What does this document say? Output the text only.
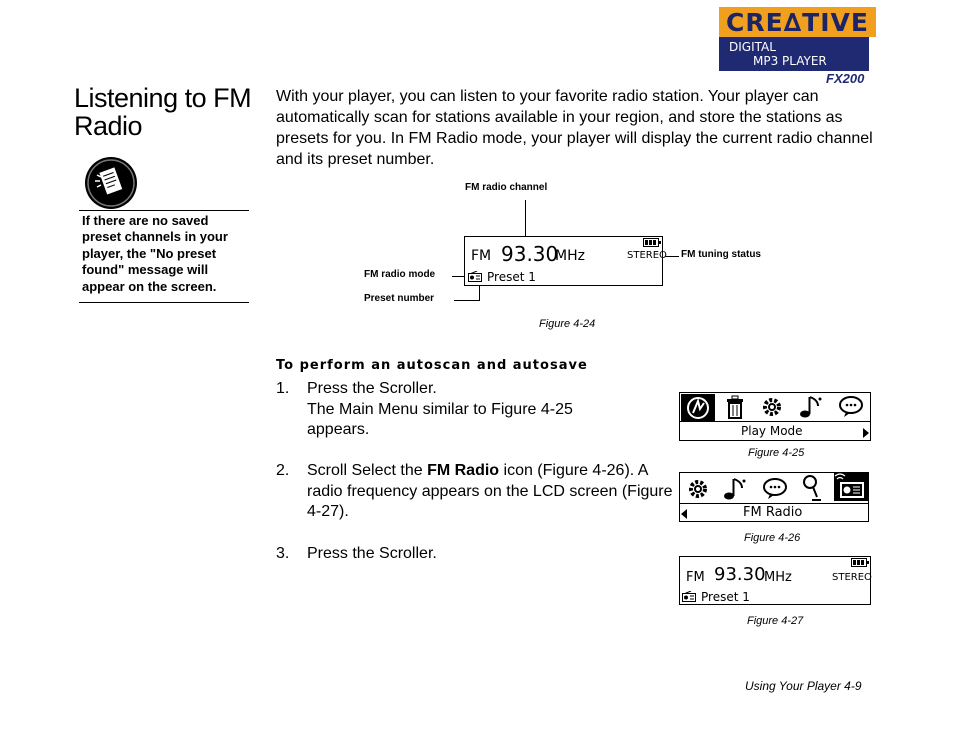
CRE∆TIVE
DIGITAL
MP3 PLAYER
FX200
Listening to FM Radio
If there are no saved preset channels in your player, the "No preset found" message will appear on the screen.
With your player, you can listen to your favorite radio station. Your player can automatically scan for stations available in your region, and store the stations as presets for you. In FM Radio mode, your player will display the current radio channel and its preset number.
FM radio channel
FM tuning status
FM radio mode
Preset number
FM 93.30
MHz	STEREO
Preset 1
Figure 4-24
To perform an autoscan and autosave
1. Press the Scroller.
The Main Menu similar to Figure 4-25 appears.
2. Scroll Select the FM Radio icon (Figure 4-26). A radio frequency appears on the LCD screen (Figure 4-27).
3. Press the Scroller.
Play Mode
Figure 4-25
FM Radio
Figure 4-26
FM 93.30
MHz	STEREO
Preset 1
Figure 4-27
Using Your Player 4-9
